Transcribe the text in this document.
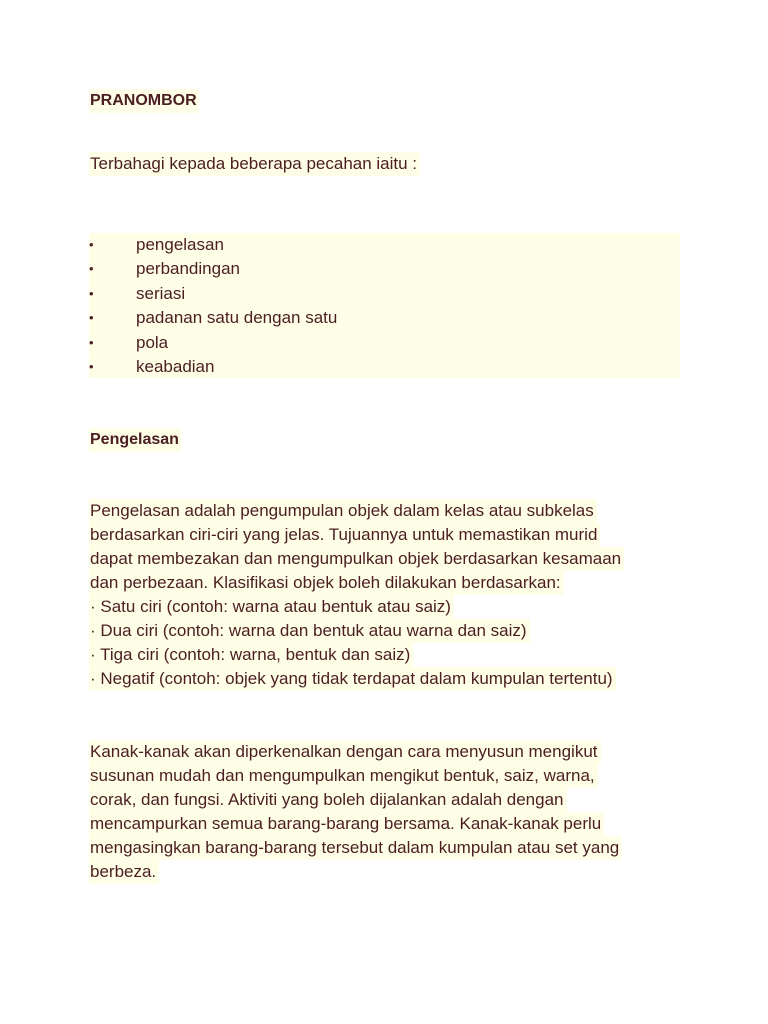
PRANOMBOR

Terbahagi kepada beberapa pecahan iaitu :

•	pengelasan
•	perbandingan
•	seriasi
•	padanan satu dengan satu
•	pola
•	keabadian
Pengelasan

Pengelasan adalah pengumpulan objek dalam kelas atau subkelas
berdasarkan ciri-ciri yang jelas. Tujuannya untuk memastikan murid
dapat membezakan dan mengumpulkan objek berdasarkan kesamaan
dan perbezaan. Klasifikasi objek boleh dilakukan berdasarkan:
· Satu ciri (contoh: warna atau bentuk atau saiz)
· Dua ciri (contoh: warna dan bentuk atau warna dan saiz)
· Tiga ciri (contoh: warna, bentuk dan saiz)
· Negatif (contoh: objek yang tidak terdapat dalam kumpulan tertentu)

Kanak-kanak akan diperkenalkan dengan cara menyusun mengikut
susunan mudah dan mengumpulkan mengikut bentuk, saiz, warna,
corak, dan fungsi. Aktiviti yang boleh dijalankan adalah dengan
mencampurkan semua barang-barang bersama. Kanak-kanak perlu
mengasingkan barang-barang tersebut dalam kumpulan atau set yang
berbeza.
